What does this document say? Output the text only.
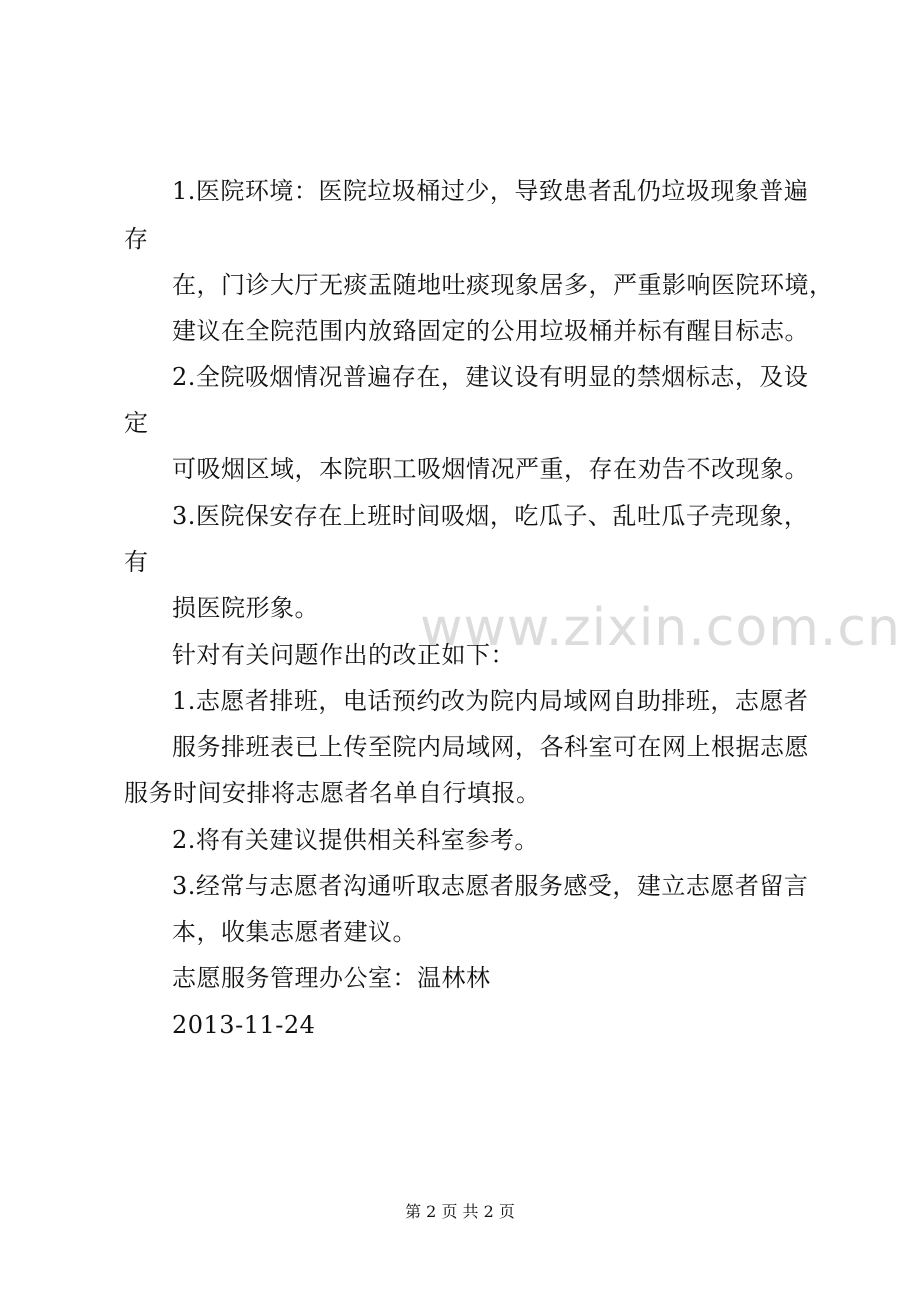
www.zixin.com.cn
1.医院环境：医院垃圾桶过少，导致患者乱仍垃圾现象普遍
存
在，门诊大厅无痰盂随地吐痰现象居多，严重影响医院环境，
建议在全院范围内放臵固定的公用垃圾桶并标有醒目标志。
2.全院吸烟情况普遍存在，建议设有明显的禁烟标志，及设
定
可吸烟区域，本院职工吸烟情况严重，存在劝告不改现象。
3.医院保安存在上班时间吸烟，吃瓜子、乱吐瓜子壳现象，
有
损医院形象。
针对有关问题作出的改正如下：
1.志愿者排班，电话预约改为院内局域网自助排班，志愿者
服务排班表已上传至院内局域网，各科室可在网上根据志愿
服务时间安排将志愿者名单自行填报。
2.将有关建议提供相关科室参考。
3.经常与志愿者沟通听取志愿者服务感受，建立志愿者留言
本，收集志愿者建议。
志愿服务管理办公室：温林林
2013-11-24
第 2 页 共 2 页
